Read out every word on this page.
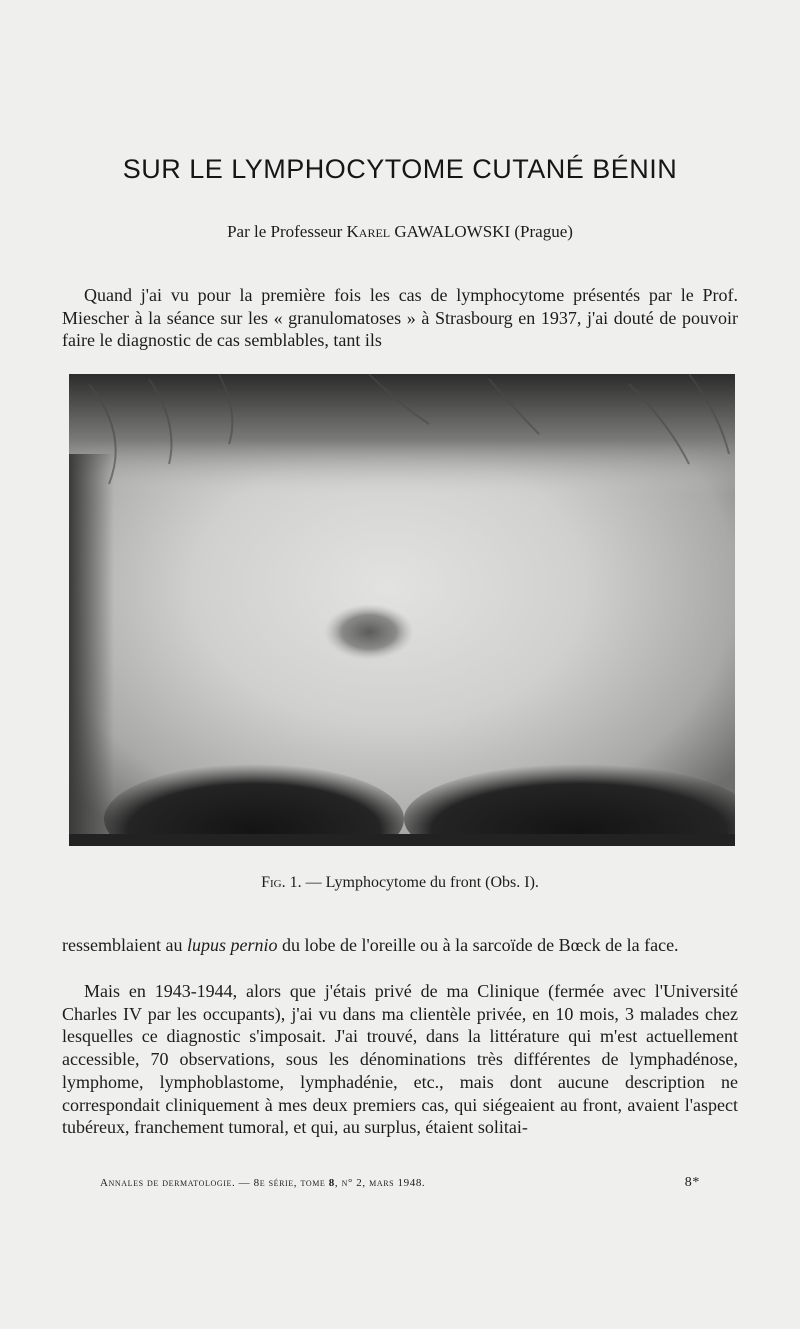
SUR LE LYMPHOCYTOME CUTANÉ BÉNIN
Par le Professeur Karel GAWALOWSKI (Prague)

Quand j'ai vu pour la première fois les cas de lymphocytome présentés par le Prof. Miescher à la séance sur les « granulomatoses » à Strasbourg en 1937, j'ai douté de pouvoir faire le diagnostic de cas semblables, tant ils

Fig. 1. — Lymphocytome du front (Obs. I).

ressemblaient au lupus pernio du lobe de l'oreille ou à la sarcoïde de Bœck de la face.

Mais en 1943-1944, alors que j'étais privé de ma Clinique (fermée avec l'Université Charles IV par les occupants), j'ai vu dans ma clientèle privée, en 10 mois, 3 malades chez lesquelles ce diagnostic s'imposait. J'ai trouvé, dans la littérature qui m'est actuellement accessible, 70 observations, sous les dénominations très différentes de lymphadénose, lymphome, lymphoblastome, lymphadénie, etc., mais dont aucune description ne correspondait cliniquement à mes deux premiers cas, qui siégeaient au front, avaient l'aspect tubéreux, franchement tumoral, et qui, au surplus, étaient solitai-

Annales de dermatologie. — 8e série, tome 8, n° 2, mars 1948.	8*
